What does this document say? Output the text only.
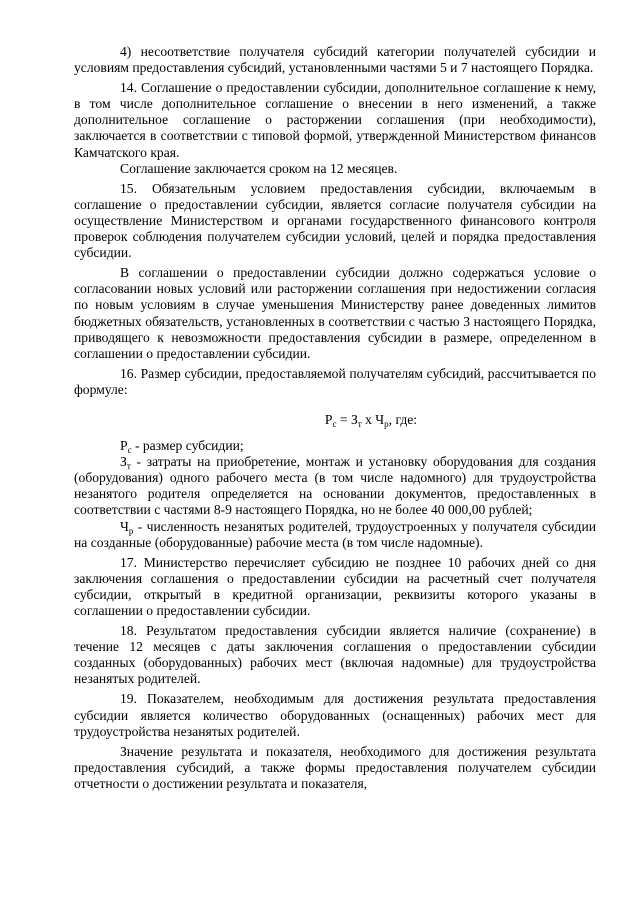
4) несоответствие получателя субсидий категории получателей субсидии и условиям предоставления субсидий, установленными частями 5 и 7 настоящего Порядка.

14. Соглашение о предоставлении субсидии, дополнительное соглашение к нему, в том числе дополнительное соглашение о внесении в него изменений, а также дополнительное соглашение о расторжении соглашения (при необходимости), заключается в соответствии с типовой формой, утвержденной Министерством финансов Камчатского края.

Соглашение заключается сроком на 12 месяцев.

15. Обязательным условием предоставления субсидии, включаемым в соглашение о предоставлении субсидии, является согласие получателя субсидии на осуществление Министерством и органами государственного финансового контроля проверок соблюдения получателем субсидии условий, целей и порядка предоставления субсидии.

В соглашении о предоставлении субсидии должно содержаться условие о согласовании новых условий или расторжении соглашения при недостижении согласия по новым условиям в случае уменьшения Министерству ранее доведенных лимитов бюджетных обязательств, установленных в соответствии с частью 3 настоящего Порядка, приводящего к невозможности предоставления субсидии в размере, определенном в соглашении о предоставлении субсидии.

16. Размер субсидии, предоставляемой получателям субсидий, рассчитывается по формуле:

$Р_с = З_т$ х $Ч_р$, где:

$Р_с$ - размер субсидии;

$З_т$ - затраты на приобретение, монтаж и установку оборудования для создания (оборудования) одного рабочего места (в том числе надомного) для трудоустройства незанятого родителя определяется на основании документов, предоставленных в соответствии с частями 8-9 настоящего Порядка, но не более 40 000,00 рублей;

$Ч_р$ - численность незанятых родителей, трудоустроенных у получателя субсидии на созданные (оборудованные) рабочие места (в том числе надомные).

17. Министерство перечисляет субсидию не позднее 10 рабочих дней со дня заключения соглашения о предоставлении субсидии на расчетный счет получателя субсидии, открытый в кредитной организации, реквизиты которого указаны в соглашении о предоставлении субсидии.

18. Результатом предоставления субсидии является наличие (сохранение) в течение 12 месяцев с даты заключения соглашения о предоставлении субсидии созданных (оборудованных) рабочих мест (включая надомные) для трудоустройства незанятых родителей.

19. Показателем, необходимым для достижения результата предоставления субсидии является количество оборудованных (оснащенных) рабочих мест для трудоустройства незанятых родителей.

Значение результата и показателя, необходимого для достижения результата предоставления субсидий, а также формы предоставления получателем субсидии отчетности о достижении результата и показателя,
